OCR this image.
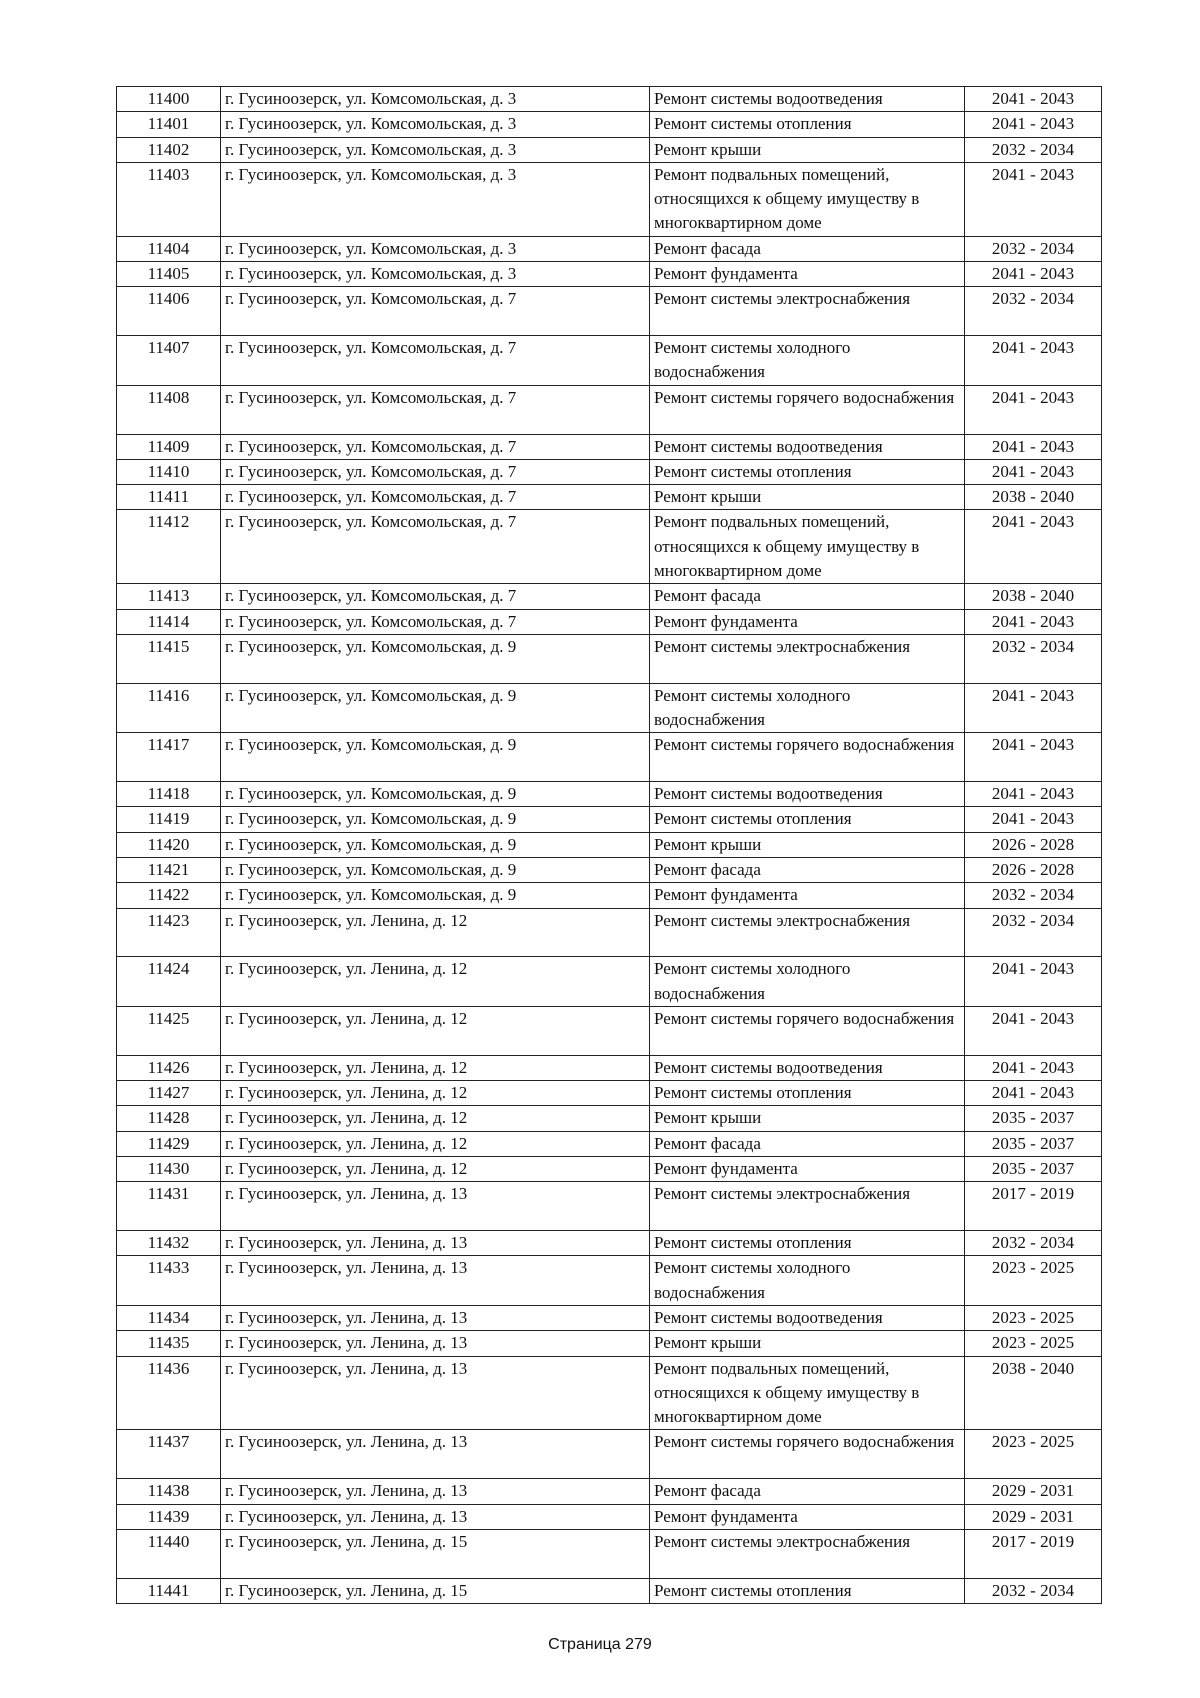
11400	г. Гусиноозерск, ул. Комсомольская, д. 3	Ремонт системы водоотведения	2041 - 2043
11401	г. Гусиноозерск, ул. Комсомольская, д. 3	Ремонт системы отопления	2041 - 2043
11402	г. Гусиноозерск, ул. Комсомольская, д. 3	Ремонт крыши	2032 - 2034
11403	г. Гусиноозерск, ул. Комсомольская, д. 3	Ремонт подвальных помещений, относящихся к общему имуществу в многоквартирном доме	2041 - 2043
11404	г. Гусиноозерск, ул. Комсомольская, д. 3	Ремонт фасада	2032 - 2034
11405	г. Гусиноозерск, ул. Комсомольская, д. 3	Ремонт фундамента	2041 - 2043
11406	г. Гусиноозерск, ул. Комсомольская, д. 7	Ремонт системы электроснабжения	2032 - 2034
11407	г. Гусиноозерск, ул. Комсомольская, д. 7	Ремонт системы холодного водоснабжения	2041 - 2043
11408	г. Гусиноозерск, ул. Комсомольская, д. 7	Ремонт системы горячего водоснабжения	2041 - 2043
11409	г. Гусиноозерск, ул. Комсомольская, д. 7	Ремонт системы водоотведения	2041 - 2043
11410	г. Гусиноозерск, ул. Комсомольская, д. 7	Ремонт системы отопления	2041 - 2043
11411	г. Гусиноозерск, ул. Комсомольская, д. 7	Ремонт крыши	2038 - 2040
11412	г. Гусиноозерск, ул. Комсомольская, д. 7	Ремонт подвальных помещений, относящихся к общему имуществу в многоквартирном доме	2041 - 2043
11413	г. Гусиноозерск, ул. Комсомольская, д. 7	Ремонт фасада	2038 - 2040
11414	г. Гусиноозерск, ул. Комсомольская, д. 7	Ремонт фундамента	2041 - 2043
11415	г. Гусиноозерск, ул. Комсомольская, д. 9	Ремонт системы электроснабжения	2032 - 2034
11416	г. Гусиноозерск, ул. Комсомольская, д. 9	Ремонт системы холодного водоснабжения	2041 - 2043
11417	г. Гусиноозерск, ул. Комсомольская, д. 9	Ремонт системы горячего водоснабжения	2041 - 2043
11418	г. Гусиноозерск, ул. Комсомольская, д. 9	Ремонт системы водоотведения	2041 - 2043
11419	г. Гусиноозерск, ул. Комсомольская, д. 9	Ремонт системы отопления	2041 - 2043
11420	г. Гусиноозерск, ул. Комсомольская, д. 9	Ремонт крыши	2026 - 2028
11421	г. Гусиноозерск, ул. Комсомольская, д. 9	Ремонт фасада	2026 - 2028
11422	г. Гусиноозерск, ул. Комсомольская, д. 9	Ремонт фундамента	2032 - 2034
11423	г. Гусиноозерск, ул. Ленина, д. 12	Ремонт системы электроснабжения	2032 - 2034
11424	г. Гусиноозерск, ул. Ленина, д. 12	Ремонт системы холодного водоснабжения	2041 - 2043
11425	г. Гусиноозерск, ул. Ленина, д. 12	Ремонт системы горячего водоснабжения	2041 - 2043
11426	г. Гусиноозерск, ул. Ленина, д. 12	Ремонт системы водоотведения	2041 - 2043
11427	г. Гусиноозерск, ул. Ленина, д. 12	Ремонт системы отопления	2041 - 2043
11428	г. Гусиноозерск, ул. Ленина, д. 12	Ремонт крыши	2035 - 2037
11429	г. Гусиноозерск, ул. Ленина, д. 12	Ремонт фасада	2035 - 2037
11430	г. Гусиноозерск, ул. Ленина, д. 12	Ремонт фундамента	2035 - 2037
11431	г. Гусиноозерск, ул. Ленина, д. 13	Ремонт системы электроснабжения	2017 - 2019
11432	г. Гусиноозерск, ул. Ленина, д. 13	Ремонт системы отопления	2032 - 2034
11433	г. Гусиноозерск, ул. Ленина, д. 13	Ремонт системы холодного водоснабжения	2023 - 2025
11434	г. Гусиноозерск, ул. Ленина, д. 13	Ремонт системы водоотведения	2023 - 2025
11435	г. Гусиноозерск, ул. Ленина, д. 13	Ремонт крыши	2023 - 2025
11436	г. Гусиноозерск, ул. Ленина, д. 13	Ремонт подвальных помещений, относящихся к общему имуществу в многоквартирном доме	2038 - 2040
11437	г. Гусиноозерск, ул. Ленина, д. 13	Ремонт системы горячего водоснабжения	2023 - 2025
11438	г. Гусиноозерск, ул. Ленина, д. 13	Ремонт фасада	2029 - 2031
11439	г. Гусиноозерск, ул. Ленина, д. 13	Ремонт фундамента	2029 - 2031
11440	г. Гусиноозерск, ул. Ленина, д. 15	Ремонт системы электроснабжения	2017 - 2019
11441	г. Гусиноозерск, ул. Ленина, д. 15	Ремонт системы отопления	2032 - 2034
Страница 279
